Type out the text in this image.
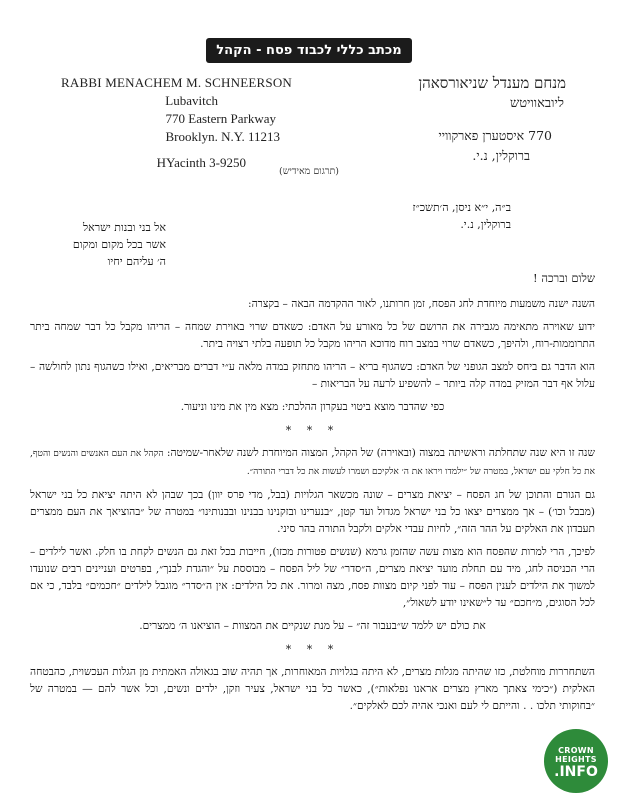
מכתב כללי לכבוד פסח - הקהל
RABBI MENACHEM M. SCHNEERSON
Lubavitch
770 Eastern Parkway
Brooklyn. N.Y. 11213
HYacinth 3-9250
מנחם מענדל שניאורסאהן
ליובאוויטש
770 איסטערן פארקוויי
ברוקלין, נ.י.
(תרגום מאידיש)
ב״ה, י״א ניסן, ה׳תשכ״ז
ברוקלין, נ.י.
אל בני ובנות ישראל
אשר בכל מקום ומקום
ה׳ עליהם יחיו

שלום וברכה !

השנה ישנה משמעות מיוחדת לחג הפסח, זמן חרותנו, לאור ההקדמה הבאה – בקצרה:

ידוע שאוירה מתאימה מגבירה את הרושם של כל מאורע על האדם: כשאדם שרוי באוירת שמחה – הריהו מקבל כל דבר שמחה ביתר התרוממות-רוח, ולהיפך, כשאדם שרוי במצב רוח מדוכא הריהו מקבל כל תופעה בלתי רצויה ביתר.

הוא הדבר גם ביחס למצב הגופני של האדם: כשהגוף בריא – הריהו מתחזק במדה מלאה ע״י דברים מבריאים, ואילו כשהגוף נתון לחולשה – עלול אף דבר המזיק במדה קלה ביותר – להשפיע לרעה על הבריאות –

כפי שהדבר מוצא ביטוי בעקרון ההלכתי: מצא מין את מינו וניעור.

* * *

שנה זו היא שנה שתחלתה וראשיתה במצוה (ובאוירה) של הקהל, המצוה המיוחדת לשנה שלאחר-שמיטה: הקהל את העם האנשים והנשים והטף, את כל חלקי עם ישראל, במטרה של ״ילמדו ויראו את ה׳ אלקיכם ושמרו לעשות את כל דברי התורה״.

גם הגורם והתוכן של חג הפסח – יציאת מצרים – שונה מכשאר הגלויות (בבל, מדי פרס יוון) בכך שבהן לא היתה יציאת כל בני ישראל (מבבל וכו׳) – אך ממצרים יצאו כל בני ישראל מגדול ועד קטן, ״בנערינו ובזקנינו בבנינו ובבנותינו״ במטרה של ״בהוציאך את העם ממצרים תעבדון את האלקים על ההר הזה״, לחיות עבדי אלקים ולקבל התורה בהר סיני.

לפיכך, הרי למרות שהפסח הוא מצות עשה שהזמן גרמא (שנשים פטורות מכזו), חייבות בכל זאת גם הנשים לקחת בו חלק. ואשר לילדים – הרי הכניסה לחג, מיד עם תחלת מועד יציאת מצרים, ה״סדר״ של ליל הפסח – מבוססת על ״והגדת לבנך״, בפרטים ועניינים רבים שנועדו למשוך את הילדים לענין הפסח – עוד לפני קיום מצוות פסח, מצה ומרור. את כל הילדים: אין ה״סדר״ מוגבל לילדים ״חכמים״ בלבד, כי אם לכל הסוגים, מ״חכם״ עד ל״שאינו יודע לשאול״,

את כולם יש ללמד ש״בעבור זה״ – על מנת שנקיים את המצוות – הוציאנו ה׳ ממצרים.

* * *

השתחררות מוחלטת, כזו שהיתה מגלות מצרים, לא היתה בגלויות המאוחרות, אך תהיה שוב בגאולה האמתית מן הגלות העכשוית, כהבטחה האלקית (״כימי צאתך מארץ מצרים אראנו נפלאות״), כאשר כל בני ישראל, צעיר וזקן, ילדים ונשים, וכל אשר להם — במטרה של ״בחוקותי תלכו . . והייתם לי לעם ואנכי אהיה לכם לאלקים״.

CROWN HEIGHTS
.INFO
